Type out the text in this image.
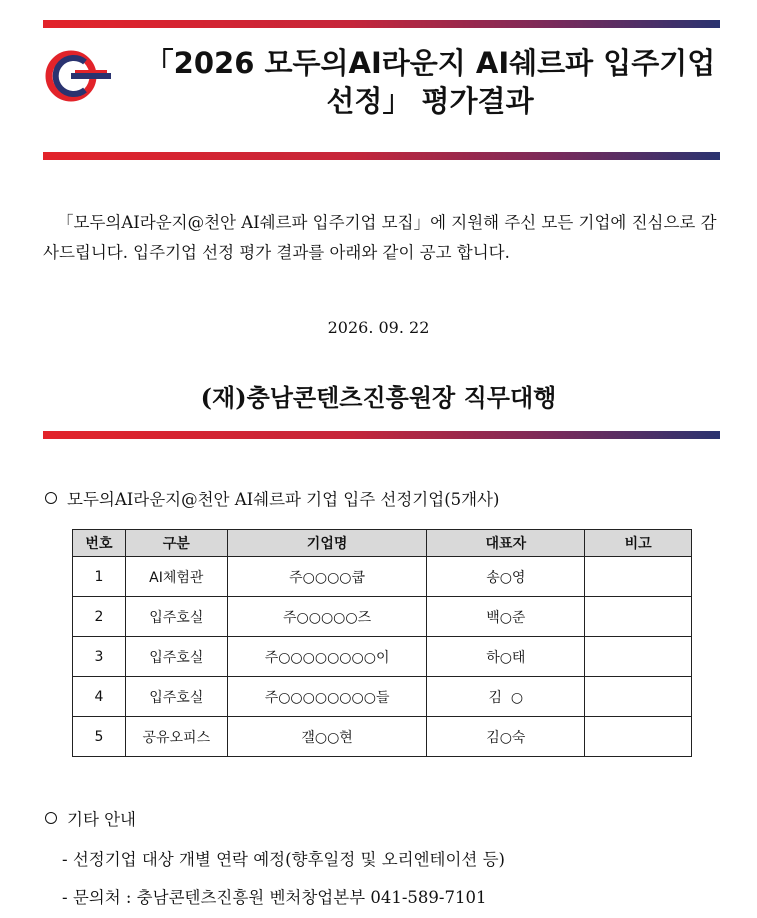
「2026 모두의AI라운지 AI쉐르파 입주기업
선정」 평가결과
「모두의AI라운지@천안 AI쉐르파 입주기업 모집」에 지원해 주신 모든 기업에 진심으로 감사드립니다. 입주기업 선정 평가 결과를 아래와 같이 공고 합니다.
2026. 09. 22
(재)충남콘텐츠진흥원장 직무대행
모두의AI라운지@천안 AI쉐르파 기업 입주 선정기업(5개사)
번호	구분	기업명	대표자	비고
1	AI체험관	주○○○○쿱	송○영	
2	입주호실	주○○○○○즈	백○준	
3	입주호실	주○○○○○○○○이	하○태	
4	입주호실	주○○○○○○○○들	김  ○	
5	공유오피스	갤○○현	김○숙	
기타 안내
- 선정기업 대상 개별 연락 예정(향후일정 및 오리엔테이션 등)
- 문의처 : 충남콘텐츠진흥원 벤처창업본부 041-589-7101
